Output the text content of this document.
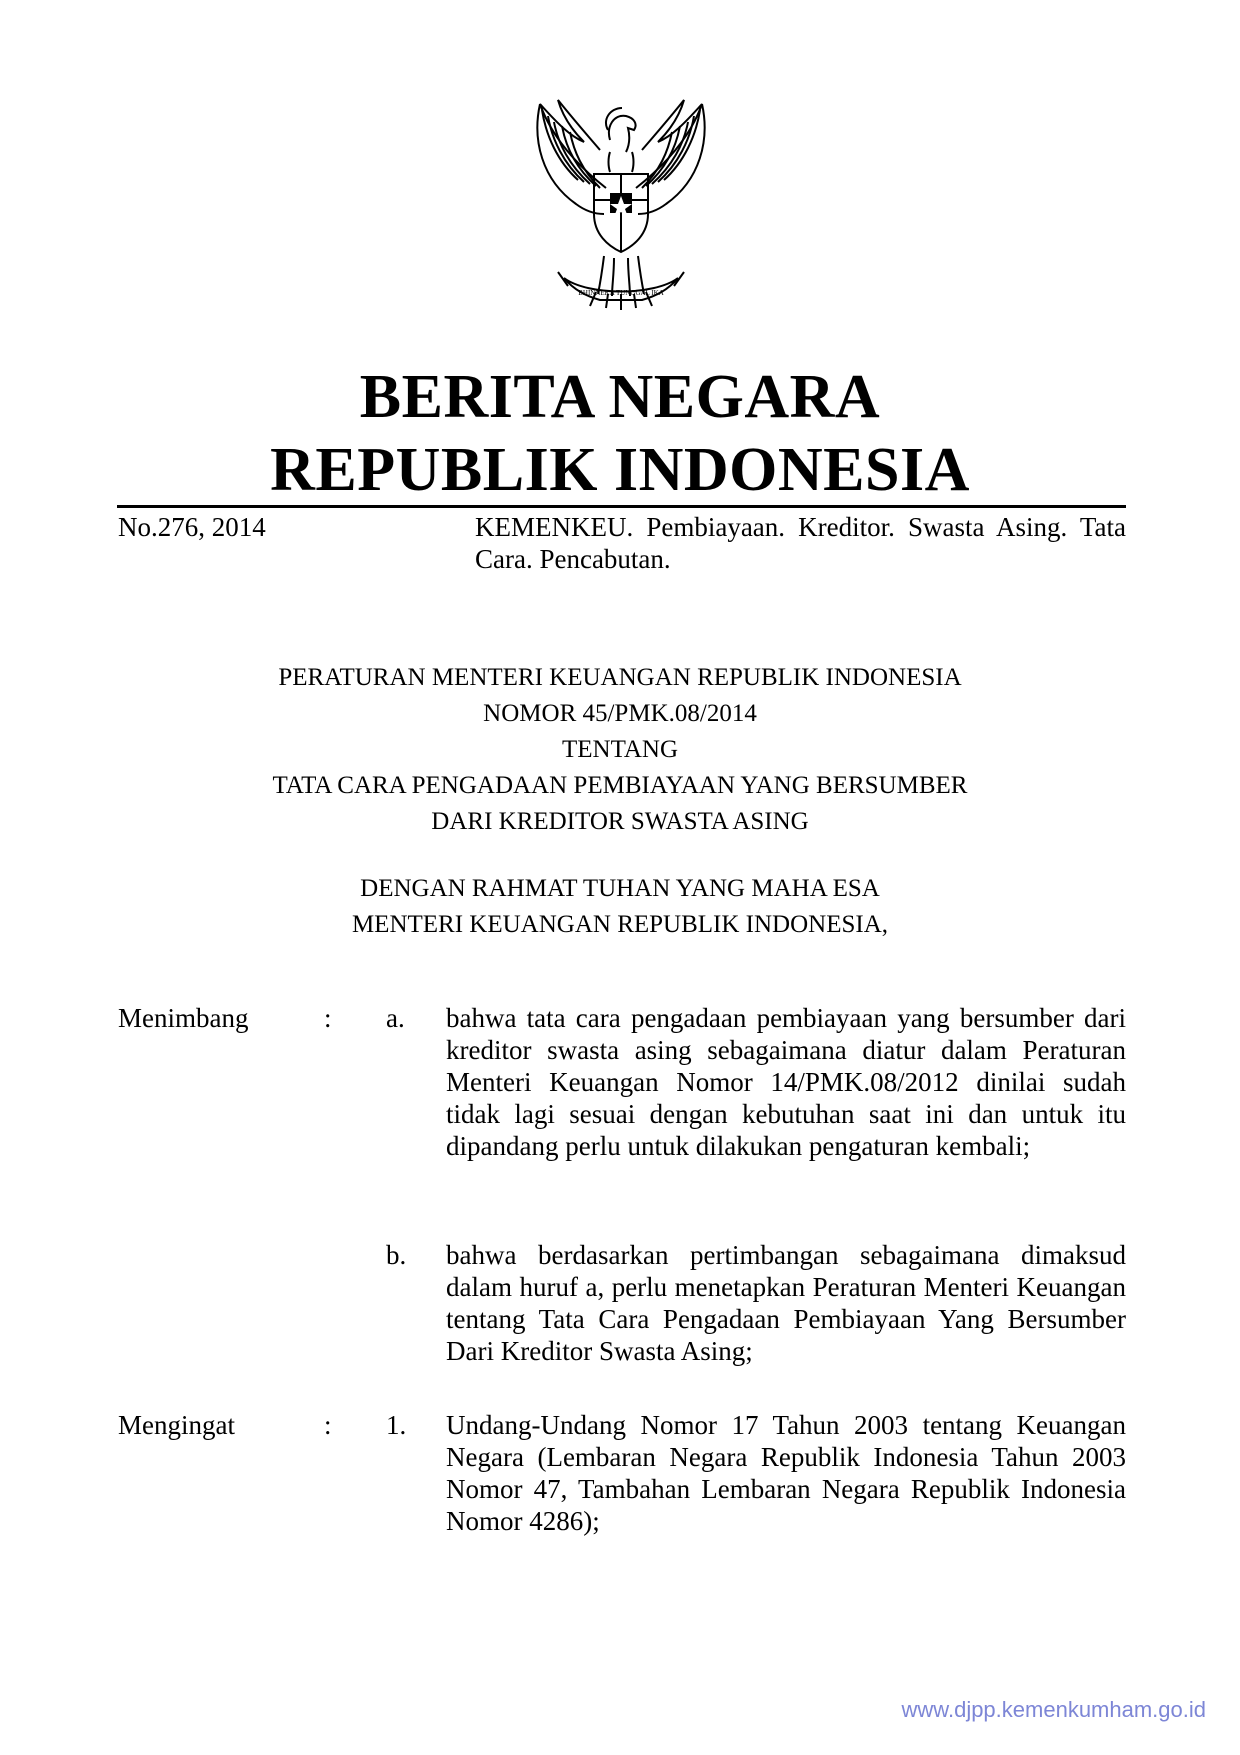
BHINNEKA TUNGGAL IKA
BERITA NEGARA
REPUBLIK INDONESIA
No.276, 2014	KEMENKEU. Pembiayaan. Kreditor. Swasta Asing. Tata Cara. Pencabutan.
PERATURAN MENTERI KEUANGAN REPUBLIK INDONESIA
NOMOR 45/PMK.08/2014
TENTANG
TATA CARA PENGADAAN PEMBIAYAAN YANG BERSUMBER
DARI KREDITOR SWASTA ASING
DENGAN RAHMAT TUHAN YANG MAHA ESA
MENTERI KEUANGAN REPUBLIK INDONESIA,
Menimbang	: a. bahwa tata cara pengadaan pembiayaan yang bersumber dari kreditor swasta asing sebagaimana diatur dalam Peraturan Menteri Keuangan Nomor 14/PMK.08/2012 dinilai sudah tidak lagi sesuai dengan kebutuhan saat ini dan untuk itu dipandang perlu untuk dilakukan pengaturan kembali;
b. bahwa berdasarkan pertimbangan sebagaimana dimaksud dalam huruf a, perlu menetapkan Peraturan Menteri Keuangan tentang Tata Cara Pengadaan Pembiayaan Yang Bersumber Dari Kreditor Swasta Asing;
Mengingat	: 1. Undang-Undang Nomor 17 Tahun 2003 tentang Keuangan Negara (Lembaran Negara Republik Indonesia Tahun 2003 Nomor 47, Tambahan Lembaran Negara Republik Indonesia Nomor 4286);
www.djpp.kemenkumham.go.id
